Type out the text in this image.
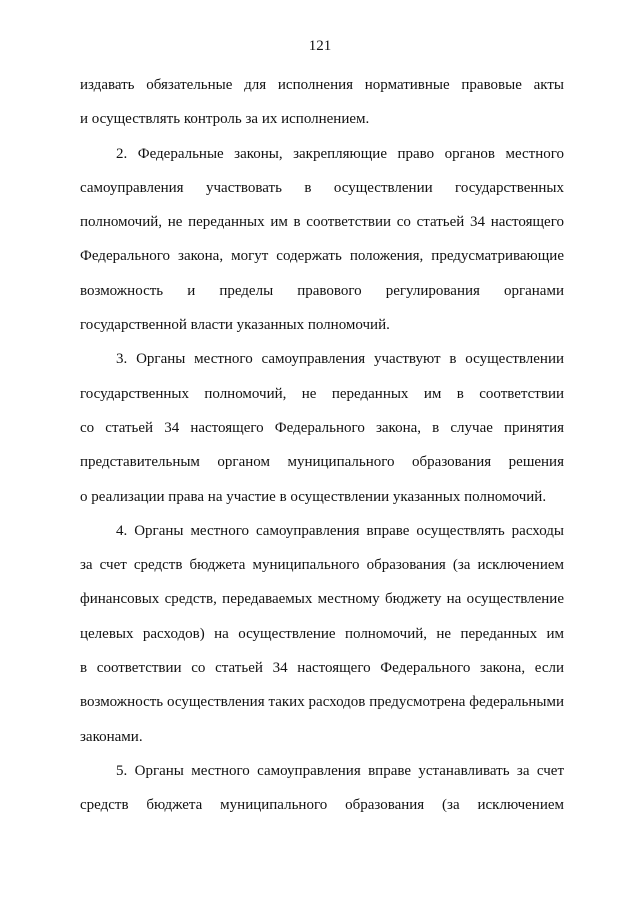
121
издавать обязательные для исполнения нормативные правовые акты
и осуществлять контроль за их исполнением.
2. Федеральные законы, закрепляющие право органов местного
самоуправления участвовать в осуществлении государственных
полномочий, не переданных им в соответствии со статьей 34 настоящего
Федерального закона, могут содержать положения, предусматривающие
возможность и пределы правового регулирования органами
государственной власти указанных полномочий.
3. Органы местного самоуправления участвуют в осуществлении
государственных полномочий, не переданных им в соответствии
со статьей 34 настоящего Федерального закона, в случае принятия
представительным органом муниципального образования решения
о реализации права на участие в осуществлении указанных полномочий.
4. Органы местного самоуправления вправе осуществлять расходы
за счет средств бюджета муниципального образования (за исключением
финансовых средств, передаваемых местному бюджету на осуществление
целевых расходов) на осуществление полномочий, не переданных им
в соответствии со статьей 34 настоящего Федерального закона, если
возможность осуществления таких расходов предусмотрена федеральными
законами.
5. Органы местного самоуправления вправе устанавливать за счет
средств бюджета муниципального образования (за исключением
